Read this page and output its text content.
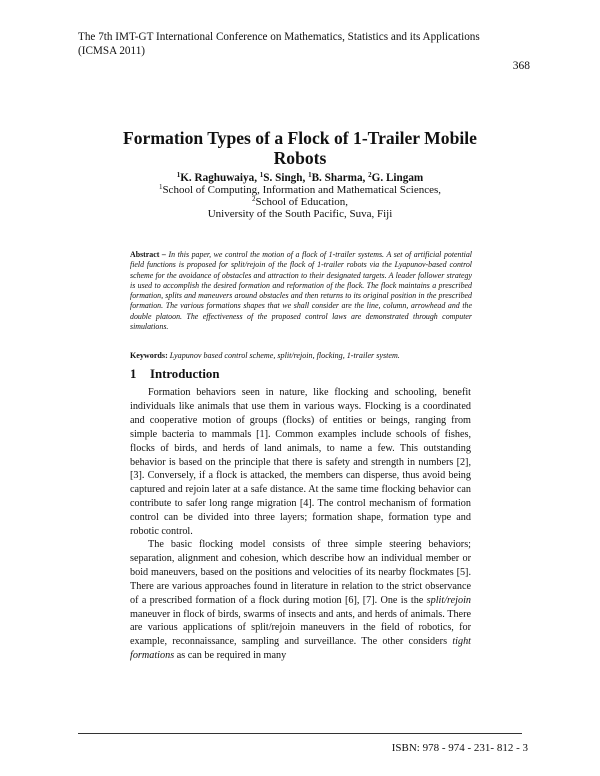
The 7th IMT-GT International Conference on Mathematics, Statistics and its Applications (ICMSA 2011)
368
Formation Types of a Flock of 1-Trailer Mobile Robots
$^1$K. Raghuwaiya, $^1$S. Singh, $^1$B. Sharma, $^2$G. Lingam
$^1$School of Computing, Information and Mathematical Sciences,
$^2$School of Education,
University of the South Pacific, Suva, Fiji
Abstract – In this paper, we control the motion of a flock of 1-trailer systems. A set of artificial potential field functions is proposed for split/rejoin of the flock of 1-trailer robots via the Lyapunov-based control scheme for the avoidance of obstacles and attraction to their designated targets. A leader follower strategy is used to accomplish the desired formation and reformation of the flock. The flock maintains a prescribed formation, splits and maneuvers around obstacles and then returns to its original position in the prescribed formation. The various formations shapes that we shall consider are the line, column, arrowhead and the double platoon. The effectiveness of the proposed control laws are demonstrated through computer simulations.
Keywords: Lyapunov based control scheme, split/rejoin, flocking, 1-trailer system.
1 Introduction
Formation behaviors seen in nature, like flocking and schooling, benefit individuals like animals that use them in various ways. Flocking is a coordinated and cooperative motion of groups (flocks) of entities or beings, ranging from simple bacteria to mammals [1]. Common examples include schools of fishes, flocks of birds, and herds of land animals, to name a few. This outstanding behavior is based on the principle that there is safety and strength in numbers [2], [3]. Conversely, if a flock is attacked, the members can disperse, thus avoid being captured and rejoin later at a safe distance. At the same time flocking behavior can contribute to safer long range migration [4]. The control mechanism of formation control can be divided into three layers; formation shape, formation type and robotic control.
The basic flocking model consists of three simple steering behaviors; separation, alignment and cohesion, which describe how an individual member or boid maneuvers, based on the positions and velocities of its nearby flockmates [5]. There are various approaches found in literature in relation to the strict observance of a prescribed formation of a flock during motion [6], [7]. One is the split/rejoin maneuver in flock of birds, swarms of insects and ants, and herds of animals. There are various applications of split/rejoin maneuvers in the field of robotics, for example, reconnaissance, sampling and surveillance. The other considers tight formations as can be required in many
ISBN: 978 - 974 - 231- 812 - 3
